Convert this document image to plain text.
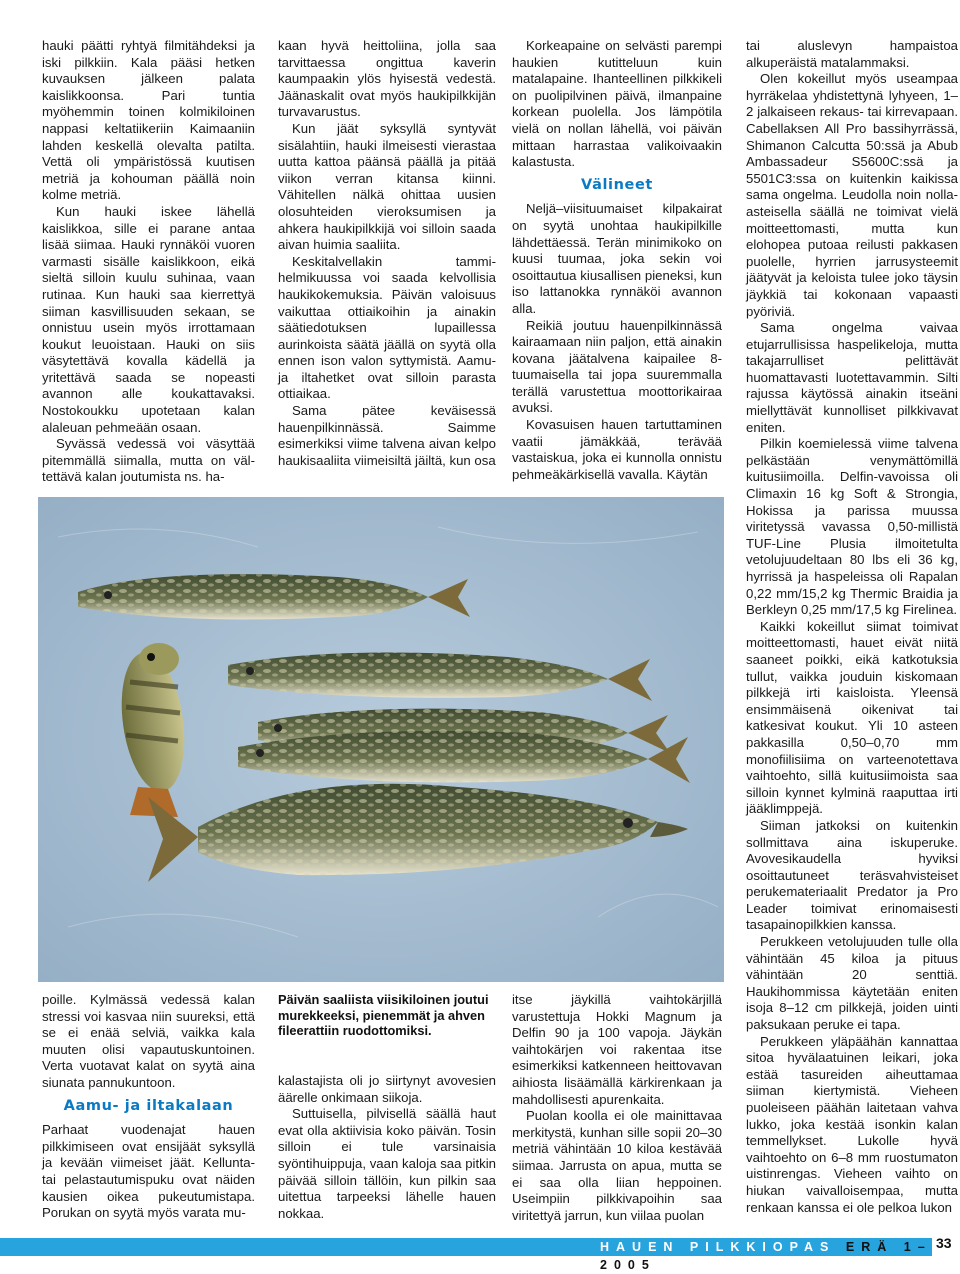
hauki päätti ryhtyä filmitähdeksi ja iski pilkkiin. Kala pääsi hetken kuvauksen jälkeen palata kaislikkoonsa. Pari tuntia myöhemmin toinen kolmikiloinen nappasi keltatiikeriin Kaimaaniin lahden keskellä olevalta patilta. Vettä oli ympäristössä kuutisen metriä ja kohouman päällä noin kolme metriä.

Kun hauki iskee lähellä kaislikkoa, sille ei parane antaa lisää siimaa. Hauki rynnäköi vuoren varmasti sisälle kaislikkoon, eikä sieltä silloin kuulu suhinaa, vaan rutinaa. Kun hauki saa kierrettyä siiman kasvillisuuden sekaan, se onnistuu usein myös irrottamaan koukut leuoistaan. Hauki on siis väsytettävä kovalla kädellä ja yritettävä saada se nopeasti avannon alle koukattavaksi. Nostokoukku upotetaan kalan alaleuan pehmeään osaan.

Syvässä vedessä voi väsyttää pitemmällä siimalla, mutta on vältettävä kalan joutumista ns. ha-

kaan hyvä heittoliina, jolla saa tarvittaessa ongittua kaverin kaumpaakin ylös hyisestä vedestä. Jäänaskalit ovat myös haukipilkkijän turvavarustus.

Kun jäät syksyllä syntyvät sisälahtiin, hauki ilmeisesti vierastaa uutta kattoa päänsä päällä ja pitää viikon verran kitansa kiinni. Vähitellen nälkä ohittaa uusien olosuhteiden vieroksumisen ja ahkera haukipilkkijä voi silloin saada aivan huimia saaliita.

Keskitalvellakin tammi-helmikuussa voi saada kelvollisia haukikokemuksia. Päivän valoisuus vaikuttaa ottiaikoihin ja ainakin säätiedotuksen lupaillessa aurinkoista säätä jäällä on syytä olla ennen ison valon syttymistä. Aamu- ja iltahetket ovat silloin parasta ottiaikaa.

Sama pätee keväisessä hauenpilkinnässä. Saimme esimerkiksi viime talvena aivan kelpo haukisaaliita viimeisiltä jäiltä, kun osa

Korkeapaine on selvästi parempi haukien kutitteluun kuin matalapaine. Ihanteellinen pilkkikeli on puolipilvinen päivä, ilmanpaine korkean puolella. Jos lämpötila vielä on nollan lähellä, voi päivän mittaan harrastaa valikoivaakin kalastusta.

Välineet

Neljä–viisituumaiset kilpakairat on syytä unohtaa haukipilkille lähdettäessä. Terän minimikoko on kuusi tuumaa, joka sekin voi osoittautua kiusallisen pieneksi, kun iso lattanokka rynnäköi avannon alla.

Reikiä joutuu hauenpilkinnässä kairaamaan niin paljon, että ainakin kovana jäätalvena kaipailee 8-tuumaisella tai jopa suuremmalla terällä varustettua moottorikairaa avuksi.

Kovasuisen hauen tartuttaminen vaatii jämäkkää, terävää vastaiskua, joka ei kunnolla onnistu pehmeäkärkisellä vavalla. Käytän

tai aluslevyn hampaistoa alkuperäistä matalammaksi.

Olen kokeillut myös useampaa hyrräkelaa yhdistettynä lyhyeen, 1–2 jalkaiseen rekaus- tai kirrevapaan. Cabellaksen All Pro bassihyrrässä, Shimanon Calcutta 50:ssä ja Abub Ambassadeur S5600C:ssä ja 5501C3:ssa on kuitenkin kaikissa sama ongelma. Leudolla noin nolla-asteisella säällä ne toimivat vielä moitteettomasti, mutta kun elohopea putoaa reilusti pakkasen puolelle, hyrrien jarrusysteemit jäätyvät ja keloista tulee joko täysin jäykkiä tai kokonaan vapaasti pyöriviä.

Sama ongelma vaivaa etujarrullisissa haspelikeloja, mutta takajarrulliset pelittävät huomattavasti luotettavammin. Silti rajussa käytössä ainakin itseäni miellyttävät kunnolliset pilkkivavat eniten.

Pilkin koemielessä viime talvena pelkästään venymättömillä kuitusiimoilla. Delfin-vavoissa oli Climaxin 16 kg Soft & Strongia, Hokissa ja parissa muussa viritetyssä vavassa 0,50-millistä TUF-Line Plusia ilmoitetulta vetolujuudeltaan 80 lbs eli 36 kg, hyrrissä ja haspeleissa oli Rapalan 0,22 mm/15,2 kg Thermic Braidia ja Berkleyn 0,25 mm/17,5 kg Firelinea.

Kaikki kokeillut siimat toimivat moitteettomasti, hauet eivät niitä saaneet poikki, eikä katkotuksia tullut, vaikka jouduin kiskomaan pilkkejä irti kaisloista. Yleensä ensimmäisenä oikenivat tai katkesivat koukut. Yli 10 asteen pakkasilla 0,50–0,70 mm monofiilisiima on varteenotettava vaihtoehto, sillä kuitusiimoista saa silloin kynnet kylminä raaputtaa irti jääklimppejä.

Siiman jatkoksi on kuitenkin sollmittava aina iskuperuke. Avovesikaudella hyviksi osoittautuneet teräsvahvisteiset perukemateriaalit Predator ja Pro Leader toimivat erinomaisesti tasapainopilkkien kanssa.

Perukkeen vetolujuuden tulle olla vähintään 45 kiloa ja pituus vähintään 20 senttiä. Haukihommissa käytetään eniten isoja 8–12 cm pilkkejä, joiden uinti paksukaan peruke ei tapa.

Perukkeen yläpäähän kannattaa sitoa hyvälaatuinen leikari, joka estää tasureiden aiheuttamaa siiman kiertymistä. Vieheen puoleiseen päähän laitetaan vahva lukko, joka kestää isonkin kalan temmellykset. Lukolle hyvä vaihtoehto on 6–8 mm ruostumaton uistinrengas. Vieheen vaihto on hiukan vaivalloisempaa, mutta renkaan kanssa ei ole pelkoa lukon

poille. Kylmässä vedessä kalan stressi voi kasvaa niin suureksi, että se ei enää selviä, vaikka kala muuten olisi vapautuskuntoinen. Verta vuotavat kalat on syytä aina siunata pannukuntoon.

Aamu- ja iltakalaan

Parhaat vuodenajat hauen pilkkimiseen ovat ensijäät syksyllä ja kevään viimeiset jäät. Kellunta- tai pelastautumispuku ovat näiden kausien oikea pukeutumistapa. Porukan on syytä myös varata mu-

Päivän saaliista viisikiloinen joutui murekkeeksi, pienemmät ja ahven fileerattiin ruodottomiksi.

kalastajista oli jo siirtynyt avovesien äärelle onkimaan siikoja.

Suttuisella, pilvisellä säällä haut evat olla aktiivisia koko päivän. Tosin silloin ei tule varsinaisia syöntihuippuja, vaan kaloja saa pitkin päivää silloin tällöin, kun pilkin saa uitettua tarpeeksi lähelle hauen nokkaa.

itse jäykillä vaihtokärjillä varustettuja Hokki Magnum ja Delfin 90 ja 100 vapoja. Jäykän vaihtokärjen voi rakentaa itse esimerkiksi katkenneen heittovavan aihiosta lisäämällä kärkirenkaan ja mahdollisesti apurenkaita.

Puolan koolla ei ole mainittavaa merkitystä, kunhan sille sopii 20–30 metriä vähintään 10 kiloa kestävää siimaa. Jarrusta on apua, mutta se ei saa olla liian heppoinen. Useimpiin pilkkivapoihin saa viritettyä jarrun, kun viilaa puolan

HAUEN PILKKIOPAS ERÄ 1–2005
33
